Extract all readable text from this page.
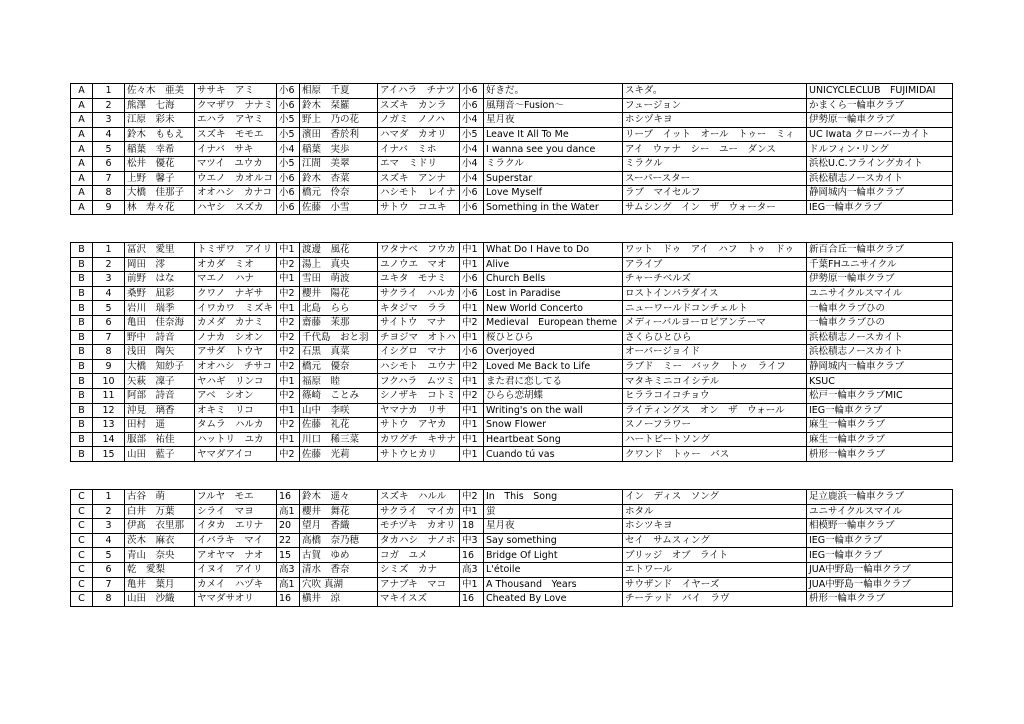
A	1	佐々木　亜美	ササキ　アミ	小6	相原　千夏	アイハラ　チナツ	小6	好きだ。	スキダ。	UNICYCLECLUB　FUJIMIDAI
A	2	熊澤　七海	クマザワ　ナナミ	小6	鈴木　栞羅	スズキ　カンラ	小6	風翔音〜Fusion〜	フュージョン	かまくら一輪車クラブ
A	3	江原　彩未	エハラ　アヤミ	小5	野上　乃の花	ノガミ　ノノハ	小4	星月夜	ホシヅキヨ	伊勢原一輪車クラブ
A	4	鈴木　ももえ	スズキ　モモエ	小5	濱田　香於利	ハマダ　カオリ	小5	Leave It All To Me	リーブ　イット　オール　トゥー　ミィ	UC Iwata クローバーカイト
A	5	稲葉　幸希	イナバ　サキ	小4	稲葉　実歩	イナバ　ミホ	小4	I wanna see you dance	アイ　ウァナ　シー　ユー　ダンス	ドルフィン･リング
A	6	松井　優花	マツイ　ユウカ	小5	江間　美翠	エマ　ミドリ	小4	ミラクル	ミラクル	浜松U.C.フライングカイト
A	7	上野　馨子	ウエノ　カオルコ	小6	鈴木　杏菜	スズキ　アンナ	小4	Superstar	スーパースター	浜松積志ノースカイト
A	8	大橋　佳那子	オオハシ　カナコ	小6	橋元　伶奈	ハシモト　レイナ	小6	Love Myself	ラブ　マイセルフ	静岡城内一輪車クラブ
A	9	林　寿々花	ハヤシ　スズカ	小6	佐藤　小雪	サトウ　コユキ	小6	Something in the Water	サムシング　イン　ザ　ウォーター	IEG一輪車クラブ
B	1	冨沢　愛里	トミザワ　アイリ	中1	渡邊　風花	ワタナベ　フウカ	中1	What Do I Have to Do	ワット　ドゥ　アイ　ハフ　トゥ　ドゥ	新百合丘一輪車クラブ
B	2	岡田　澪	オカダ　ミオ	中2	湯上　真央	ユノウエ　マオ	中1	Alive	アライブ	千葉FHユニサイクル
B	3	前野　はな	マエノ　ハナ	中1	雪田　萌波	ユキタ　モナミ	小6	Church Bells	チャーチベルズ	伊勢原一輪車クラブ
B	4	桑野　凪彩	クワノ　ナギサ	中2	櫻井　陽花	サクライ　ハルカ	小6	Lost in Paradise	ロストインパラダイス	ユニサイクルスマイル
B	5	岩川　瑞季	イワカワ　ミズキ	中1	北島　らら	キタジマ　ララ	中1	New World Concerto	ニューワールドコンチェルト	一輪車クラブひの
B	6	亀田　佳奈海	カメダ　カナミ	中2	齋藤　茉那	サイトウ　マナ	中2	Medieval　European theme	メディーバルヨーロピアンテーマ	一輪車クラブひの
B	7	野中　詩音	ノナカ　シオン	中2	千代島　おと羽	チヨジマ　オトハ	中1	桜ひとひら	さくらひとひら	浜松積志ノースカイト
B	8	浅田　陶矢	アサダ　トウヤ	中2	石黒　真菜	イシグロ　マナ	小6	Overjoyed	オーバージョイド	浜松積志ノースカイト
B	9	大橋　知紗子	オオハシ　チサコ	中2	橋元　優奈	ハシモト　ユウナ	中2	Loved Me Back to Life	ラブド　ミー　バック　トゥ　ライフ	静岡城内一輪車クラブ
B	10	矢萩　凜子	ヤハギ　リンコ	中1	福原　睦	フクハラ　ムツミ	中1	また君に恋してる	マタキミニコイシテル	KSUC
B	11	阿部　詩音	アベ　シオン	中2	篠崎　ことみ	シノザキ　コトミ	中2	ひらら恋胡蝶	ヒララコイコチョウ	松戸一輪車クラブMIC
B	12	沖見　璃香	オキミ　リコ	中1	山中　李咲	ヤマナカ　リサ	中1	Writing's on the wall	ライティングス　オン　ザ　ウォール	IEG一輪車クラブ
B	13	田村　遥	タムラ　ハルカ	中2	佐藤　礼花	サトウ　アヤカ	中1	Snow Flower	スノーフラワー	麻生一輪車クラブ
B	14	服部　祐佳	ハットリ　ユカ	中1	川口　稀三菜	カワグチ　キサナ	中1	Heartbeat Song	ハートビートソング	麻生一輪車クラブ
B	15	山田　藍子	ヤマダアイコ	中2	佐藤　光莉	サトウヒカリ	中1	Cuando tú vas	クワンド　トゥー　バス	枡形一輪車クラブ
C	1	古谷　萌	フルヤ　モエ	16	鈴木　遥々	スズキ　ハルル	中2	In　This　Song	イン　ディス　ソング	足立鹿浜一輪車クラブ
C	2	白井　万葉	シライ　マヨ	高1	櫻井　舞花	サクライ　マイカ	中1	蛍	ホタル	ユニサイクルスマイル
C	3	伊髙　衣里那	イタカ　エリナ	20	望月　香織	モチヅキ　カオリ	18	星月夜	ホシツキヨ	相模野一輪車クラブ
C	4	茨木　麻衣	イバラキ　マイ	22	高橋　奈乃穂	タカハシ　ナノホ	中3	Say something	セイ　サムスィング	IEG一輪車クラブ
C	5	青山　奈央	アオヤマ　ナオ	15	古賀　ゆめ	コガ　ユメ	16	Bridge Of Light	ブリッジ　オブ　ライト	IEG一輪車クラブ
C	6	乾　愛梨	イヌイ　アイリ	高3	清水　香奈	シミズ　カナ	高3	L'étoile	エトワール	JUA中野島一輪車クラブ
C	7	亀井　葉月	カメイ　ハヅキ	高1	穴吹 真湖	アナブキ　マコ	中1	A Thousand　Years	サウザンド　イヤーズ	JUA中野島一輪車クラブ
C	8	山田　沙織	ヤマダサオリ	16	槇井　涼	マキイスズ	16	Cheated By Love	チーテッド　バイ　ラヴ	枡形一輪車クラブ
